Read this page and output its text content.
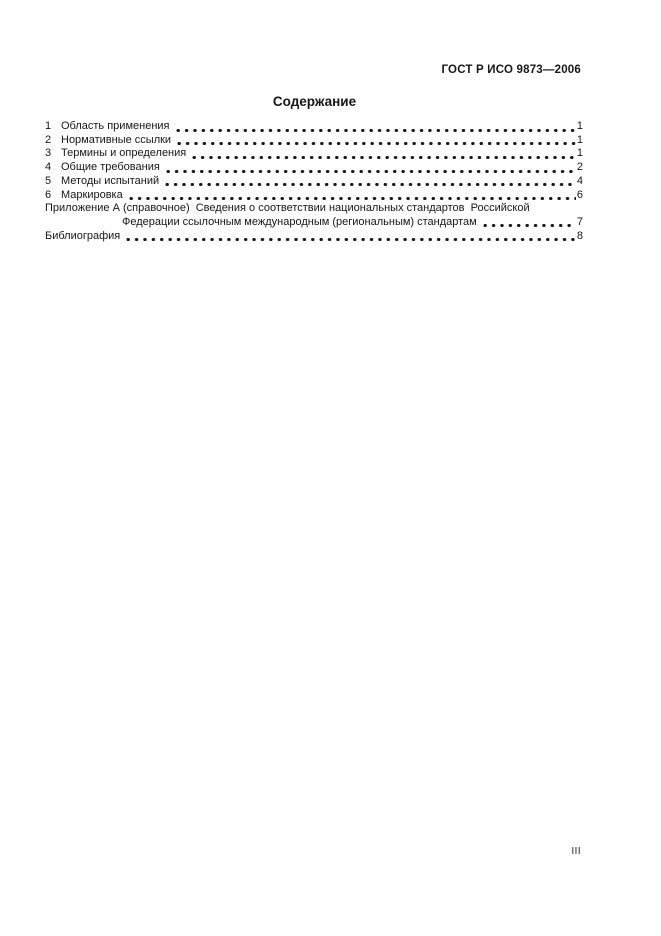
ГОСТ Р ИСО 9873—2006
Содержание
1 Область применения	1
2 Нормативные ссылки	1
3 Термины и определения	1
4 Общие требования	2
5 Методы испытаний	4
6 Маркировка	6
Приложение А (справочное)  Сведения о соответствии национальных стандартов  Российской
Федерации ссылочным международным (региональным) стандартам	7
Библиография	8
III
